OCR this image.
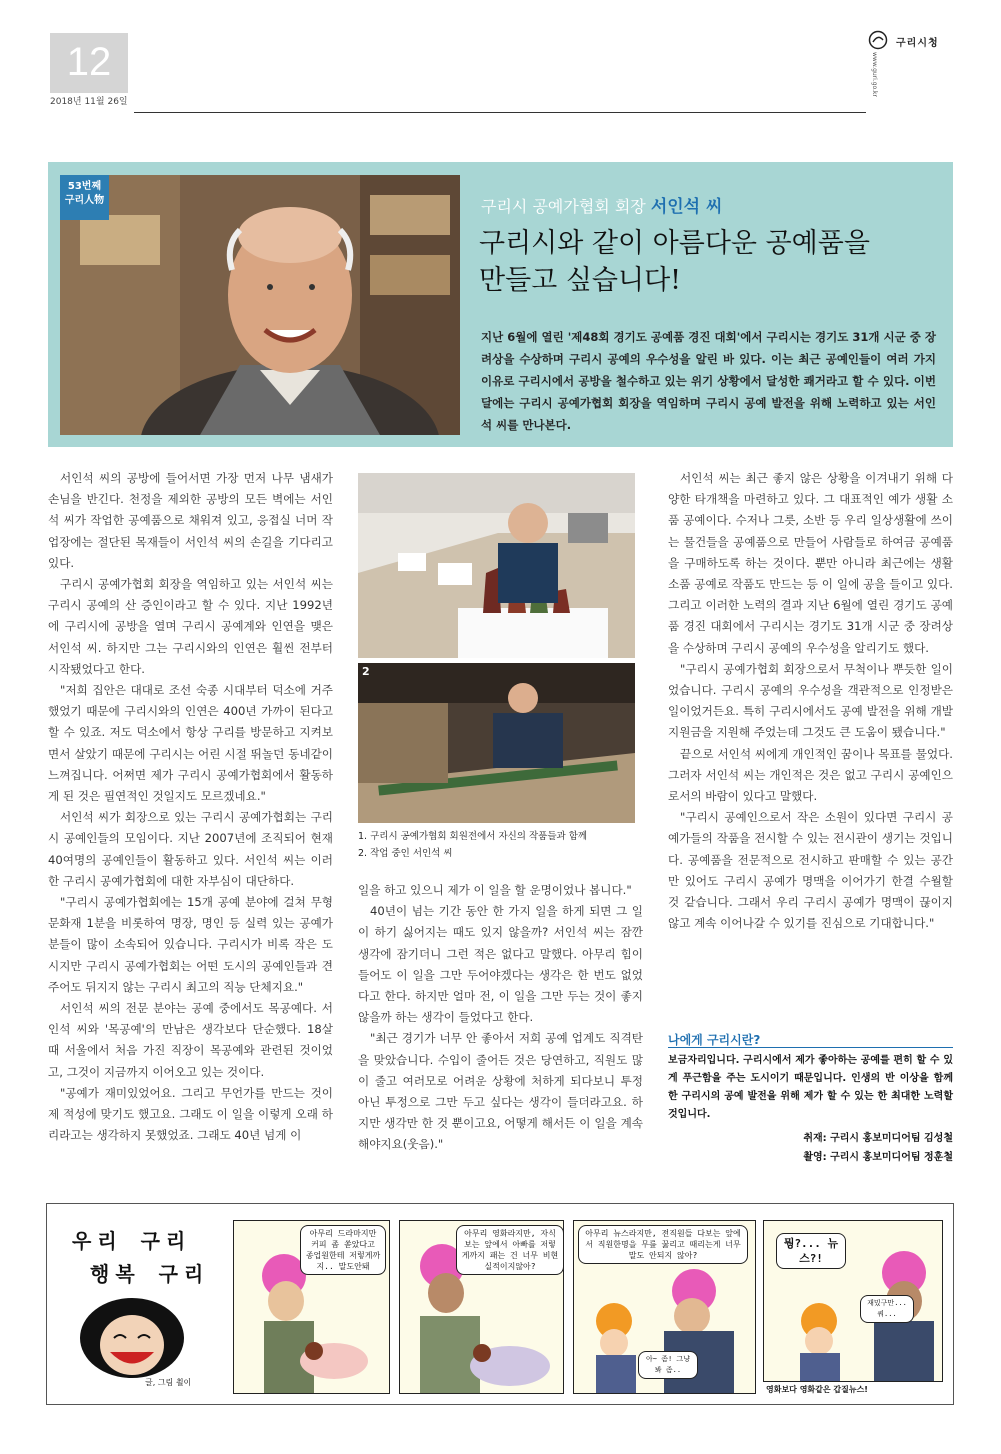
12
2018년 11월 26일
구리시청
www.guri.go.kr
53번째
구리人物	구리시 공예가협회 회장 서인석 씨
구리시와 같이 아름다운 공예품을
만들고 싶습니다!
지난 6월에 열린 '제48회 경기도 공예품 경진 대회'에서 구리시는 경기도 31개 시군 중 장려상을 수상하며 구리시 공예의 우수성을 알린 바 있다. 이는 최근 공예인들이 여러 가지 이유로 구리시에서 공방을 철수하고 있는 위기 상황에서 달성한 쾌거라고 할 수 있다. 이번 달에는 구리시 공예가협회 회장을 역임하며 구리시 공예 발전을 위해 노력하고 있는 서인석 씨를 만나본다.

서인석 씨의 공방에 들어서면 가장 먼저 나무 냄새가 손님을 반긴다. 천정을 제외한 공방의 모든 벽에는 서인석 씨가 작업한 공예품으로 채워져 있고, 응접실 너머 작업장에는 절단된 목재들이 서인석 씨의 손길을 기다리고 있다.

구리시 공예가협회 회장을 역임하고 있는 서인석 씨는 구리시 공예의 산 증인이라고 할 수 있다. 지난 1992년에 구리시에 공방을 열며 구리시 공예계와 인연을 맺은 서인석 씨. 하지만 그는 구리시와의 인연은 훨씬 전부터 시작됐었다고 한다.

"저희 집안은 대대로 조선 숙종 시대부터 덕소에 거주했었기 때문에 구리시와의 인연은 400년 가까이 된다고 할 수 있죠. 저도 덕소에서 항상 구리를 방문하고 지켜보면서 살았기 때문에 구리시는 어린 시절 뛰놀던 동네같이 느껴집니다. 어쩌면 제가 구리시 공예가협회에서 활동하게 된 것은 필연적인 것일지도 모르겠네요."

서인석 씨가 회장으로 있는 구리시 공예가협회는 구리시 공예인들의 모임이다. 지난 2007년에 조직되어 현재 40여명의 공예인들이 활동하고 있다. 서인석 씨는 이러한 구리시 공예가협회에 대한 자부심이 대단하다.

"구리시 공예가협회에는 15개 공예 분야에 걸쳐 무형문화재 1분을 비롯하여 명장, 명인 등 실력 있는 공예가분들이 많이 소속되어 있습니다. 구리시가 비록 작은 도시지만 구리시 공예가협회는 어떤 도시의 공예인들과 견주어도 뒤지지 않는 구리시 최고의 직능 단체지요."

서인석 씨의 전문 분야는 공예 중에서도 목공예다. 서인석 씨와 '목공예'의 만남은 생각보다 단순했다. 18살 때 서울에서 처음 가진 직장이 목공예와 관련된 것이었고, 그것이 지금까지 이어오고 있는 것이다.

"공예가 재미있었어요. 그리고 무언가를 만드는 것이 제 적성에 맞기도 했고요. 그래도 이 일을 이렇게 오래 하리라고는 생각하지 못했었죠. 그래도 40년 넘게 이

2
1. 구리시 공예가협회 회원전에서 자신의 작품들과 함께
2. 작업 중인 서인석 씨

일을 하고 있으니 제가 이 일을 할 운명이었나 봅니다."

40년이 넘는 기간 동안 한 가지 일을 하게 되면 그 일이 하기 싫어지는 때도 있지 않을까? 서인석 씨는 잠깐 생각에 잠기더니 그런 적은 없다고 말했다. 아무리 힘이 들어도 이 일을 그만 두어야겠다는 생각은 한 번도 없었다고 한다. 하지만 얼마 전, 이 일을 그만 두는 것이 좋지 않을까 하는 생각이 들었다고 한다.

"최근 경기가 너무 안 좋아서 저희 공예 업계도 직격탄을 맞았습니다. 수입이 줄어든 것은 당연하고, 직원도 많이 줄고 여러모로 어려운 상황에 처하게 되다보니 투정 아닌 투정으로 그만 두고 싶다는 생각이 들더라고요. 하지만 생각만 한 것 뿐이고요, 어떻게 해서든 이 일을 계속 해야지요(웃음)."

서인석 씨는 최근 좋지 않은 상황을 이겨내기 위해 다양한 타개책을 마련하고 있다. 그 대표적인 예가 생활 소품 공예이다. 수저나 그릇, 소반 등 우리 일상생활에 쓰이는 물건들을 공예품으로 만들어 사람들로 하여금 공예품을 구매하도록 하는 것이다. 뿐만 아니라 최근에는 생활 소품 공예로 작품도 만드는 등 이 일에 공을 들이고 있다. 그리고 이러한 노력의 결과 지난 6월에 열린 경기도 공예품 경진 대회에서 구리시는 경기도 31개 시군 중 장려상을 수상하며 구리시 공예의 우수성을 알리기도 했다.

"구리시 공예가협회 회장으로서 무척이나 뿌듯한 일이었습니다. 구리시 공예의 우수성을 객관적으로 인정받은 일이었거든요. 특히 구리시에서도 공예 발전을 위해 개발 지원금을 지원해 주었는데 그것도 큰 도움이 됐습니다."

끝으로 서인석 씨에게 개인적인 꿈이나 목표를 물었다. 그러자 서인석 씨는 개인적은 것은 없고 구리시 공예인으로서의 바람이 있다고 말했다.

"구리시 공예인으로서 작은 소원이 있다면 구리시 공예가들의 작품을 전시할 수 있는 전시관이 생기는 것입니다. 공예품을 전문적으로 전시하고 판매할 수 있는 공간만 있어도 구리시 공예가 명맥을 이어가기 한결 수월할 것 같습니다. 그래서 우리 구리시 공예가 명맥이 끊이지 않고 계속 이어나갈 수 있기를 진심으로 기대합니다."

나에게 구리시란?
보금자리입니다. 구리시에서 제가 좋아하는 공예를 편히 할 수 있게 푸근함을 주는 도시이기 때문입니다. 인생의 반 이상을 함께 한 구리시의 공예 발전을 위해 제가 할 수 있는 한 최대한 노력할 것입니다.
취재: 구리시 홍보미디어팀 김성철
촬영: 구리시 홍보미디어팀 정훈철
우리 구리
행복 구리
글, 그림 쵤이
아무리 드라마지만 커피 좀 쏟았다고 종업원한테 저렇게까지.. 말도안돼
아무리 영화라지만, 자식보는 앞에서 아빠를 저렇게까지 패는 건 너무 비현실적이지않아?
아무리 뉴스라지만, 전직원들 다보는 앞에서 직원한명을 무릎 꿇리고 때리는게 너무 말도 안되지 않아?
아~ 좀! 그냥 봐 좀..
뭥?... 뉴스?!
재밌구만... 쿼...
영화보다 영화같은 갑질뉴스!
